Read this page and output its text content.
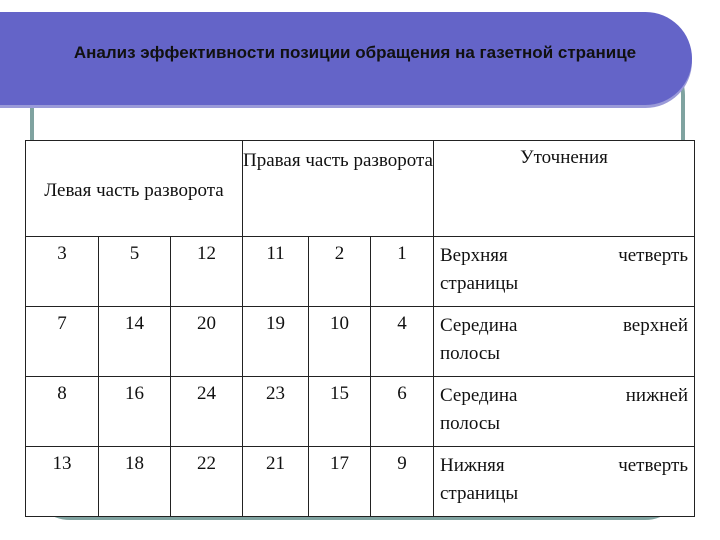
Анализ эффективности позиции обращения на газетной странице
Левая часть разворота			Правая часть разворота			Уточнения
3	5	12	11	2	1	Верхняя четверть
страницы

7	14	20	19	10	4	Середина верхней
полосы

8	16	24	23	15	6	Середина нижней
полосы

13	18	22	21	17	9	Нижняя четверть
страницы
